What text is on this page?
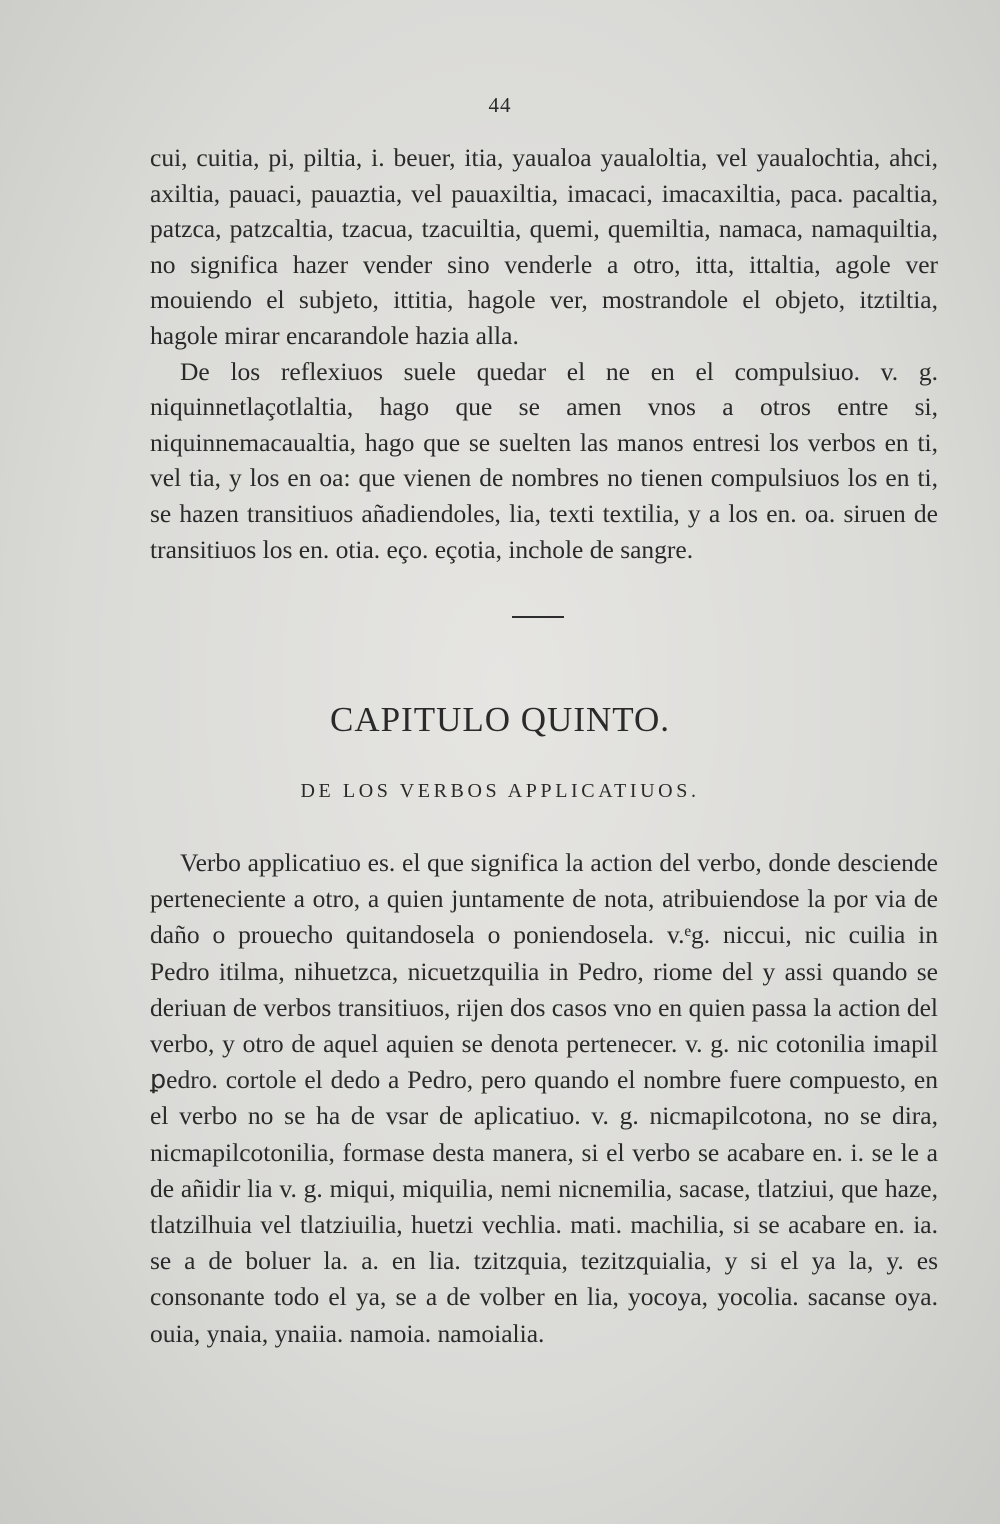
44

cui, cuitia, pi, piltia, i. beuer, itia, yaualoa yaualoltia, vel yaualochtia, ahci, axiltia, pauaci, pauaztia, vel pauaxiltia, imacaci, imacaxiltia, paca. pacaltia, patzca, patzcaltia, tzacua, tzacuiltia, quemi, quemiltia, namaca, namaquiltia, no significa hazer vender sino venderle a otro, itta, ittaltia, agole ver mouiendo el subjeto, ittitia, hagole ver, mostrandole el objeto, itztiltia, hagole mirar encarandole hazia alla.

De los reflexiuos suele quedar el ne en el compulsiuo. v. g. niquinnetlaçotlaltia, hago que se amen vnos a otros entre si, niquinnemacaualtia, hago que se suelten las manos entresi los verbos en ti, vel tia, y los en oa: que vienen de nombres no tienen compulsiuos los en ti, se hazen transitiuos añadiendoles, lia, texti textilia, y a los en. oa. siruen de transitiuos los en. otia. eço. eçotia, inchole de sangre.

CAPITULO QUINTO.
DE LOS VERBOS APPLICATIUOS.

Verbo applicatiuo es. el que significa la action del verbo, donde desciende perteneciente a otro, a quien juntamente de nota, atribuiendose la por via de daño o prouecho quitandosela o poniendosela. v.ᵉg. niccui, nic cuilia in Pedro itilma, nihuetzca, nicuetzquilia in Pedro, riome del y assi quando se deriuan de verbos transitiuos, rijen dos casos vno en quien passa la action del verbo, y otro de aquel aquien se denota pertenecer. v. g. nic cotonilia imapil ꝑedro. cortole el dedo a Pedro, pero quando el nombre fuere compuesto, en el verbo no se ha de vsar de aplicatiuo. v. g. nicmapilcotona, no se dira, nicmapilcotonilia, formase desta manera, si el verbo se acabare en. i. se le a de añidir lia v. g. miqui, miquilia, nemi nicnemilia, sacase, tlatziui, que haze, tlatzilhuia vel tlatziuilia, huetzi vechlia. mati. machilia, si se acabare en. ia. se a de boluer la. a. en lia. tzitzquia, tezitzquialia, y si el ya la, y. es consonante todo el ya, se a de volber en lia, yocoya, yocolia. sacanse oya. ouia, ynaia, ynaiia. namoia. namoialia.
